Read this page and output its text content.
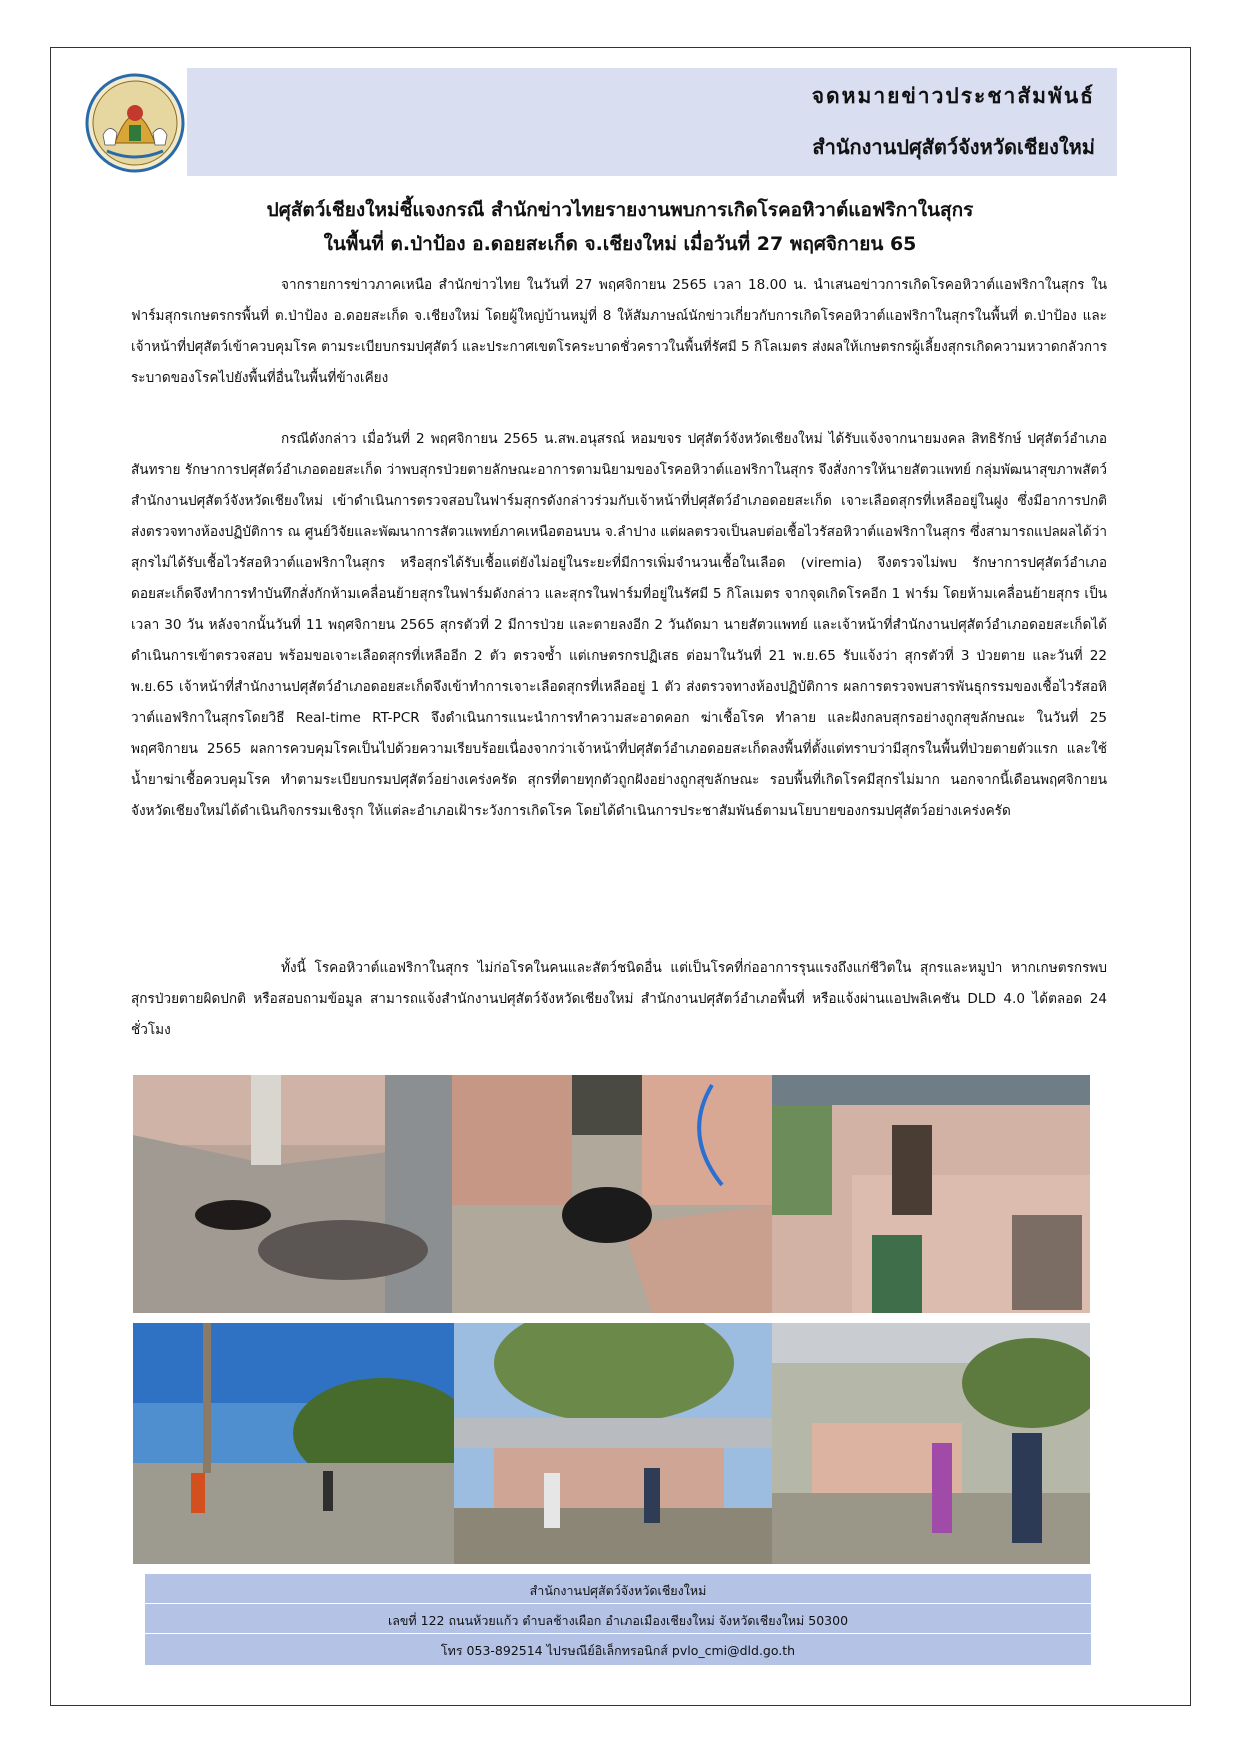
จดหมายข่าวประชาสัมพันธ์
สำนักงานปศุสัตว์จังหวัดเชียงใหม่
ปศุสัตว์เชียงใหม่ชี้แจงกรณี สำนักข่าวไทยรายงานพบการเกิดโรคอหิวาต์แอฟริกาในสุกร
ในพื้นที่ ต.ป่าป้อง อ.ดอยสะเก็ด จ.เชียงใหม่ เมื่อวันที่ 27 พฤศจิกายน 65

จากรายการข่าวภาคเหนือ สำนักข่าวไทย ในวันที่ 27 พฤศจิกายน 2565 เวลา 18.00 น. นำเสนอข่าวการเกิดโรคอหิวาต์แอฟริกาในสุกร ในฟาร์มสุกรเกษตรกรพื้นที่ ต.ป่าป้อง อ.ดอยสะเก็ด จ.เชียงใหม่ โดยผู้ใหญ่บ้านหมู่ที่ 8 ให้สัมภาษณ์นักข่าวเกี่ยวกับการเกิดโรคอหิวาต์แอฟริกาในสุกรในพื้นที่ ต.ป่าป้อง และเจ้าหน้าที่ปศุสัตว์เข้าควบคุมโรค ตามระเบียบกรมปศุสัตว์ และประกาศเขตโรคระบาดชั่วคราวในพื้นที่รัศมี 5 กิโลเมตร ส่งผลให้เกษตรกรผู้เลี้ยงสุกรเกิดความหวาดกลัวการระบาดของโรคไปยังพื้นที่อื่นในพื้นที่ข้างเคียง

กรณีดังกล่าว เมื่อวันที่ 2 พฤศจิกายน 2565 น.สพ.อนุสรณ์ หอมขจร ปศุสัตว์จังหวัดเชียงใหม่ ได้รับแจ้งจากนายมงคล สิทธิรักษ์ ปศุสัตว์อำเภอสันทราย รักษาการปศุสัตว์อำเภอดอยสะเก็ด ว่าพบสุกรป่วยตายลักษณะอาการตามนิยามของโรคอหิวาต์แอฟริกาในสุกร จึงสั่งการให้นายสัตวแพทย์ กลุ่มพัฒนาสุขภาพสัตว์ สำนักงานปศุสัตว์จังหวัดเชียงใหม่ เข้าดำเนินการตรวจสอบในฟาร์มสุกรดังกล่าวร่วมกับเจ้าหน้าที่ปศุสัตว์อำเภอดอยสะเก็ด เจาะเลือดสุกรที่เหลืออยู่ในฝูง ซึ่งมีอาการปกติ ส่งตรวจทางห้องปฏิบัติการ ณ ศูนย์วิจัยและพัฒนาการสัตวแพทย์ภาคเหนือตอนบน จ.ลำปาง แต่ผลตรวจเป็นลบต่อเชื้อไวรัสอหิวาต์แอฟริกาในสุกร ซึ่งสามารถแปลผลได้ว่า สุกรไม่ได้รับเชื้อไวรัสอหิวาต์แอฟริกาในสุกร หรือสุกรได้รับเชื้อแต่ยังไม่อยู่ในระยะที่มีการเพิ่มจำนวนเชื้อในเลือด (viremia) จึงตรวจไม่พบ รักษาการปศุสัตว์อำเภอดอยสะเก็ดจึงทำการทำบันทึกสั่งกักห้ามเคลื่อนย้ายสุกรในฟาร์มดังกล่าว และสุกรในฟาร์มที่อยู่ในรัศมี 5 กิโลเมตร จากจุดเกิดโรคอีก 1 ฟาร์ม โดยห้ามเคลื่อนย้ายสุกร เป็นเวลา 30 วัน หลังจากนั้นวันที่ 11 พฤศจิกายน 2565 สุกรตัวที่ 2 มีการป่วย และตายลงอีก 2 วันถัดมา นายสัตวแพทย์ และเจ้าหน้าที่สำนักงานปศุสัตว์อำเภอดอยสะเก็ดได้ดำเนินการเข้าตรวจสอบ พร้อมขอเจาะเลือดสุกรที่เหลืออีก 2 ตัว ตรวจซ้ำ แต่เกษตรกรปฏิเสธ ต่อมาในวันที่ 21 พ.ย.65 รับแจ้งว่า สุกรตัวที่ 3 ป่วยตาย และวันที่ 22 พ.ย.65 เจ้าหน้าที่สำนักงานปศุสัตว์อำเภอดอยสะเก็ดจึงเข้าทำการเจาะเลือดสุกรที่เหลืออยู่ 1 ตัว ส่งตรวจทางห้องปฏิบัติการ ผลการตรวจพบสารพันธุกรรมของเชื้อไวรัสอหิวาต์แอฟริกาในสุกรโดยวิธี Real-time RT-PCR จึงดำเนินการแนะนำการทำความสะอาดคอก ฆ่าเชื้อโรค ทำลาย และฝังกลบสุกรอย่างถูกสุขลักษณะ ในวันที่ 25 พฤศจิกายน 2565 ผลการควบคุมโรคเป็นไปด้วยความเรียบร้อยเนื่องจากว่าเจ้าหน้าที่ปศุสัตว์อำเภอดอยสะเก็ดลงพื้นที่ตั้งแต่ทราบว่ามีสุกรในพื้นที่ป่วยตายตัวแรก และใช้น้ำยาฆ่าเชื้อควบคุมโรค ทำตามระเบียบกรมปศุสัตว์อย่างเคร่งครัด สุกรที่ตายทุกตัวถูกฝังอย่างถูกสุขลักษณะ รอบพื้นที่เกิดโรคมีสุกรไม่มาก นอกจากนี้เดือนพฤศจิกายน จังหวัดเชียงใหม่ได้ดำเนินกิจกรรมเชิงรุก ให้แต่ละอำเภอเฝ้าระวังการเกิดโรค โดยได้ดำเนินการประชาสัมพันธ์ตามนโยบายของกรมปศุสัตว์อย่างเคร่งครัด

ทั้งนี้ โรคอหิวาต์แอฟริกาในสุกร ไม่ก่อโรคในคนและสัตว์ชนิดอื่น แต่เป็นโรคที่ก่ออาการรุนแรงถึงแก่ชีวิตใน สุกรและหมูป่า หากเกษตรกรพบสุกรป่วยตายผิดปกติ หรือสอบถามข้อมูล สามารถแจ้งสำนักงานปศุสัตว์จังหวัดเชียงใหม่ สำนักงานปศุสัตว์อำเภอพื้นที่ หรือแจ้งผ่านแอปพลิเคชัน DLD 4.0 ได้ตลอด 24 ชั่วโมง

สำนักงานปศุสัตว์จังหวัดเชียงใหม่
เลขที่ 122 ถนนห้วยแก้ว ตำบลช้างเผือก อำเภอเมืองเชียงใหม่ จังหวัดเชียงใหม่ 50300
โทร 053-892514 ไปรษณีย์อิเล็กทรอนิกส์ pvlo_cmi@dld.go.th
